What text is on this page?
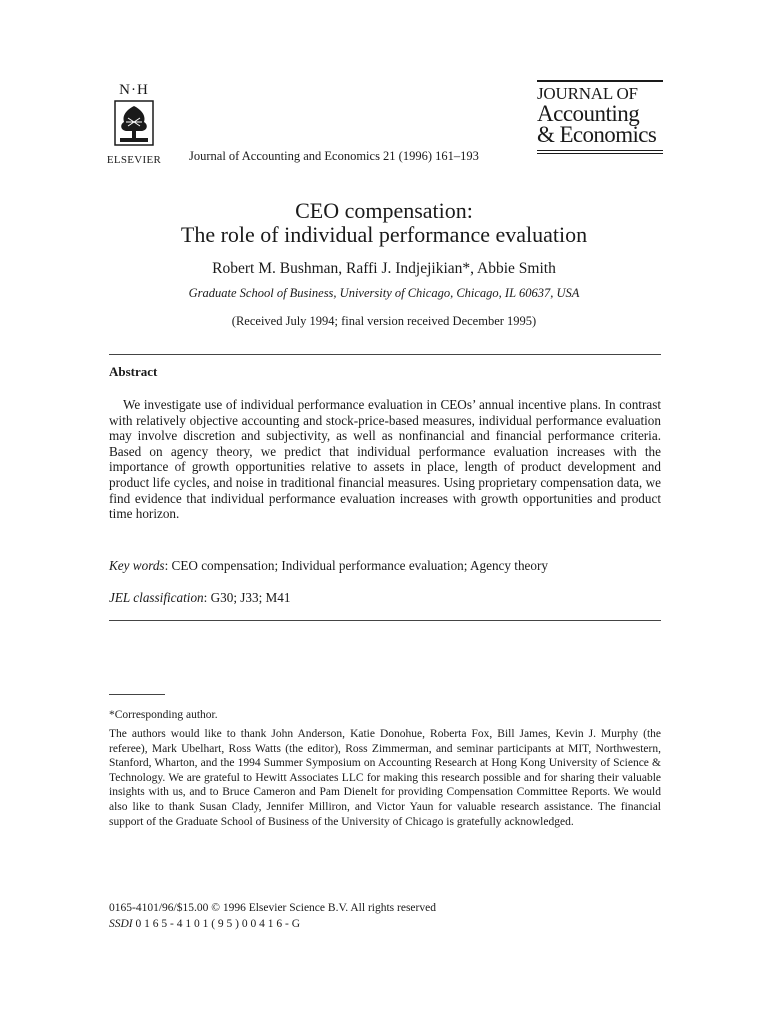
N·H
ELSEVIER Journal of Accounting and Economics 21 (1996) 161–193
JOURNAL OF
Accounting
& Economics
CEO compensation:
The role of individual performance evaluation
Robert M. Bushman, Raffi J. Indjejikian*, Abbie Smith
Graduate School of Business, University of Chicago, Chicago, IL 60637, USA
(Received July 1994; final version received December 1995)
Abstract
We investigate use of individual performance evaluation in CEOs’ annual incentive plans. In contrast with relatively objective accounting and stock-price-based measures, individual performance evaluation may involve discretion and subjectivity, as well as nonfinancial and financial performance criteria. Based on agency theory, we predict that individual performance evaluation increases with the importance of growth opportunities relative to assets in place, length of product development and product life cycles, and noise in traditional financial measures. Using proprietary compensation data, we find evidence that individual performance evaluation increases with growth opportunities and product time horizon.
Key words: CEO compensation; Individual performance evaluation; Agency theory
JEL classification: G30; J33; M41
*Corresponding author.
The authors would like to thank John Anderson, Katie Donohue, Roberta Fox, Bill James, Kevin J. Murphy (the referee), Mark Ubelhart, Ross Watts (the editor), Ross Zimmerman, and seminar participants at MIT, Northwestern, Stanford, Wharton, and the 1994 Summer Symposium on Accounting Research at Hong Kong University of Science & Technology. We are grateful to Hewitt Associates LLC for making this research possible and for sharing their valuable insights with us, and to Bruce Cameron and Pam Dienelt for providing Compensation Committee Reports. We would also like to thank Susan Clady, Jennifer Milliron, and Victor Yaun for valuable research assistance. The financial support of the Graduate School of Business of the University of Chicago is gratefully acknowledged.
0165-4101/96/$15.00 © 1996 Elsevier Science B.V. All rights reserved
SSDI 0 1 6 5 - 4 1 0 1 ( 9 5 ) 0 0 4 1 6 - G
